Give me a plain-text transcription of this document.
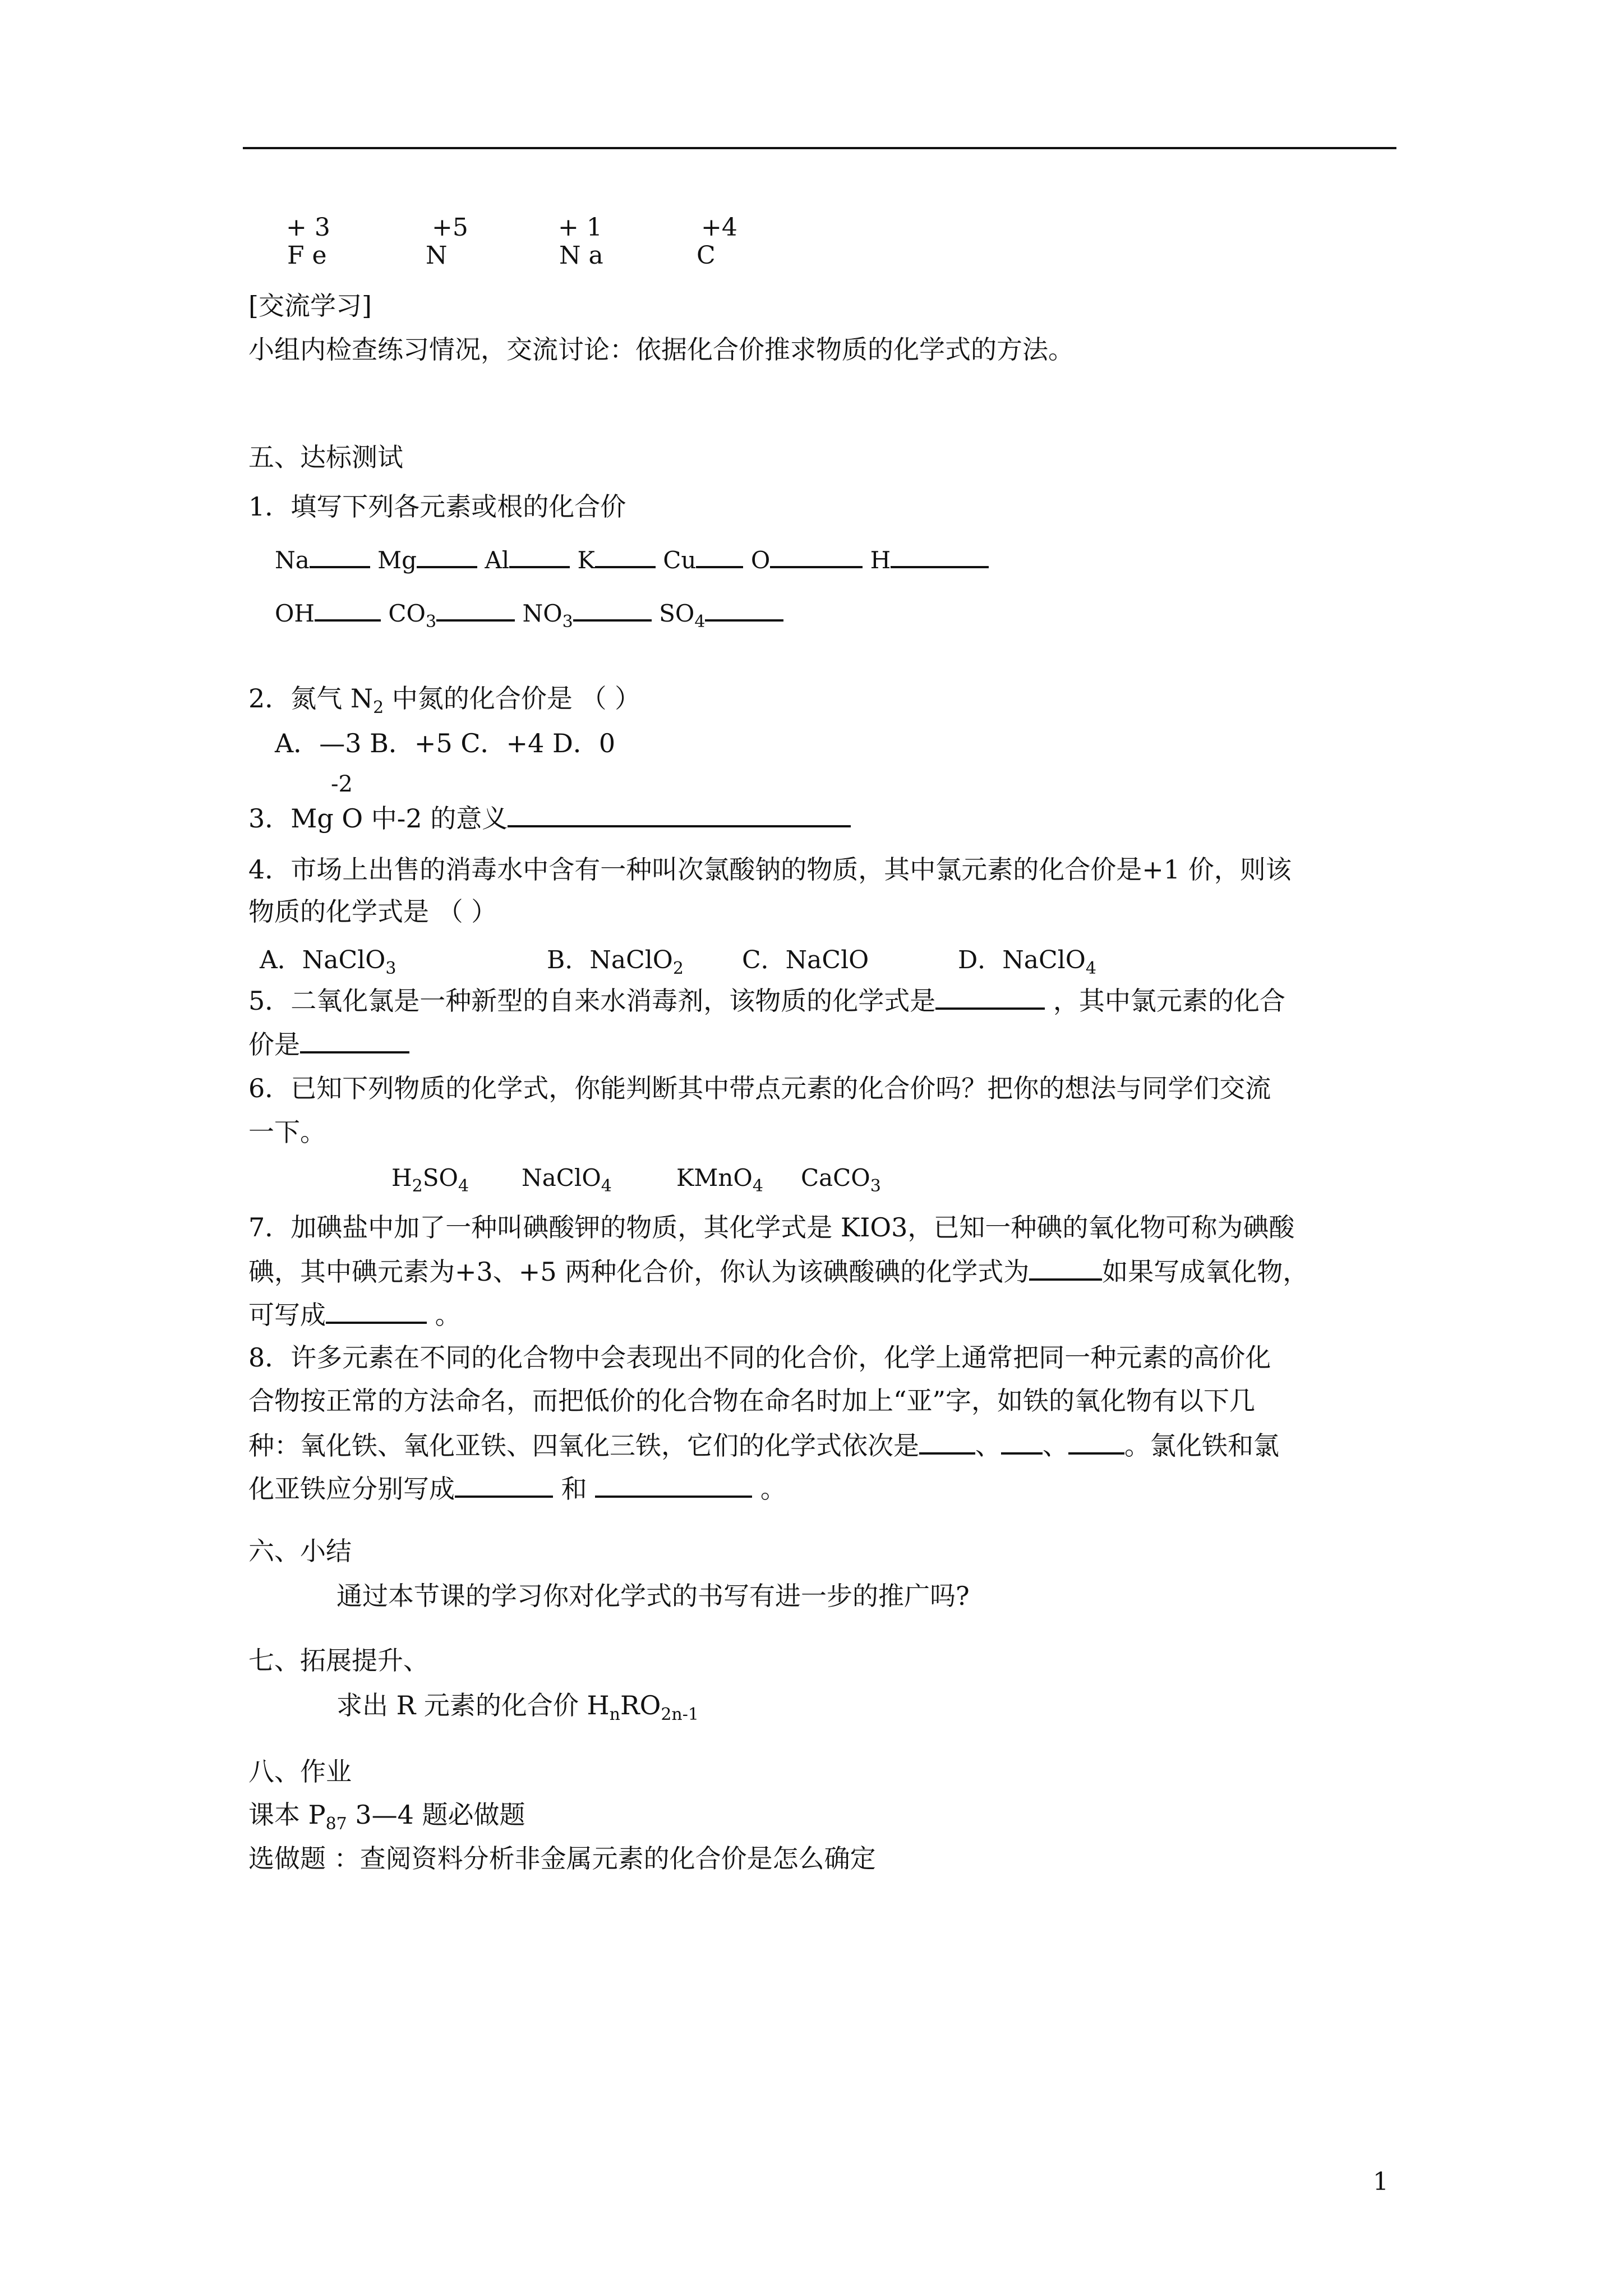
+ 3	+5	+ 1	+4
F e	N	N a	C
[交流学习]
小组内检查练习情况，交流讨论：依据化合价推求物质的化学式的方法。
五、达标测试
1．填写下列各元素或根的化合价
Na	Mg	Al	K	Cu O	H
OH	$CO_3$	$NO_3$	$SO_4$
2．氮气 $N_2$ 中氮的化合价是 （ ）
A．—3 B．+5 C．+4 D．0
-2
3．Mg O 中-2 的意义
4．市场上出售的消毒水中含有一种叫次氯酸钠的物质，其中氯元素的化合价是+1 价，则该
物质的化学式是 （ ）
A．NaClO$_3$	B．NaClO$_2$ C．NaClO	D．NaClO$_4$
5．二氧化氯是一种新型的自来水消毒剂，该物质的化学式是	，其中氯元素的化合
价是
6．已知下列物质的化学式，你能判断其中带点元素的化合价吗？把你的想法与同学们交流
一下。
$H_2SO_4$ NaClO$_4$	KMnO$_4$ CaCO$_3$
7．加碘盐中加了一种叫碘酸钾的物质，其化学式是 KIO3，已知一种碘的氧化物可称为碘酸
碘，其中碘元素为+3、+5 两种化合价，你认为该碘酸碘的化学式为	如果写成氧化物，
可写成	。
8．许多元素在不同的化合物中会表现出不同的化合价，化学上通常把同一种元素的高价化
合物按正常的方法命名，而把低价的化合物在命名时加上“亚”字，如铁的氧化物有以下几
种：氧化铁、氧化亚铁、四氧化三铁，它们的化学式依次是 、 、 。氯化铁和氯
化亚铁应分别写成	和	。
六、小结
通过本节课的学习你对化学式的书写有进一步的推广吗?
七、拓展提升、
求出 R 元素的化合价 $H_nRO_{2n-1}$
八、作业
课本 $P_{87}$ 3—4 题必做题
选做题 ：查阅资料分析非金属元素的化合价是怎么确定
1
